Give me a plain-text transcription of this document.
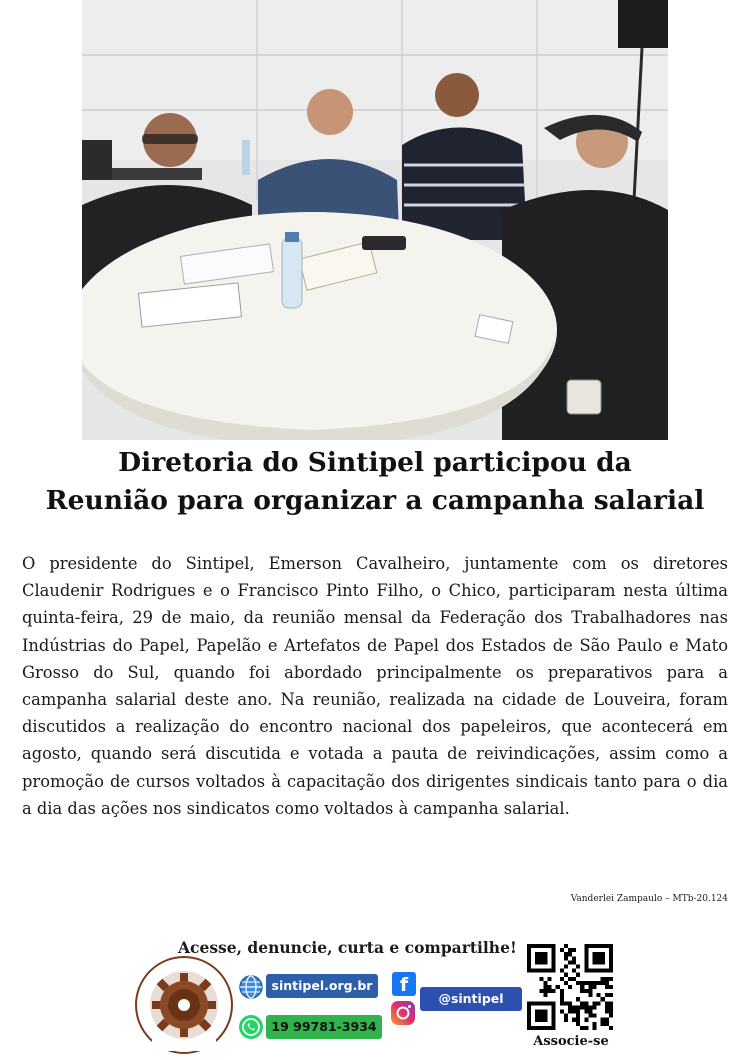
Diretoria do Sintipel participou da
Reunião para organizar a campanha salarial

O presidente do Sintipel, Emerson Cavalheiro, juntamente com os diretores Claudenir Rodrigues e o Francisco Pinto Filho, o Chico, participaram nesta última quinta-feira, 29 de maio, da reunião mensal da Federação dos Trabalhadores nas Indústrias do Papel, Papelão e Artefatos de Papel dos Estados de São Paulo e Mato Grosso do Sul, quando foi abordado principalmente os preparativos para a campanha salarial deste ano. Na reunião, realizada na cidade de Louveira, foram discutidos a realização do encontro nacional dos papeleiros, que acontecerá em agosto, quando será discutida e votada a pauta de reivindicações, assim como a promoção de cursos voltados à capacitação dos dirigentes sindicais tanto para o dia a dia das ações nos sindicatos como voltados à campanha salarial.

Vanderlei Zampaulo – MTb-20.124
Acesse, denuncie, curta e compartilhe!
sintipel.org.br
19 99781-3934
f
@sintipel
Associe-se
